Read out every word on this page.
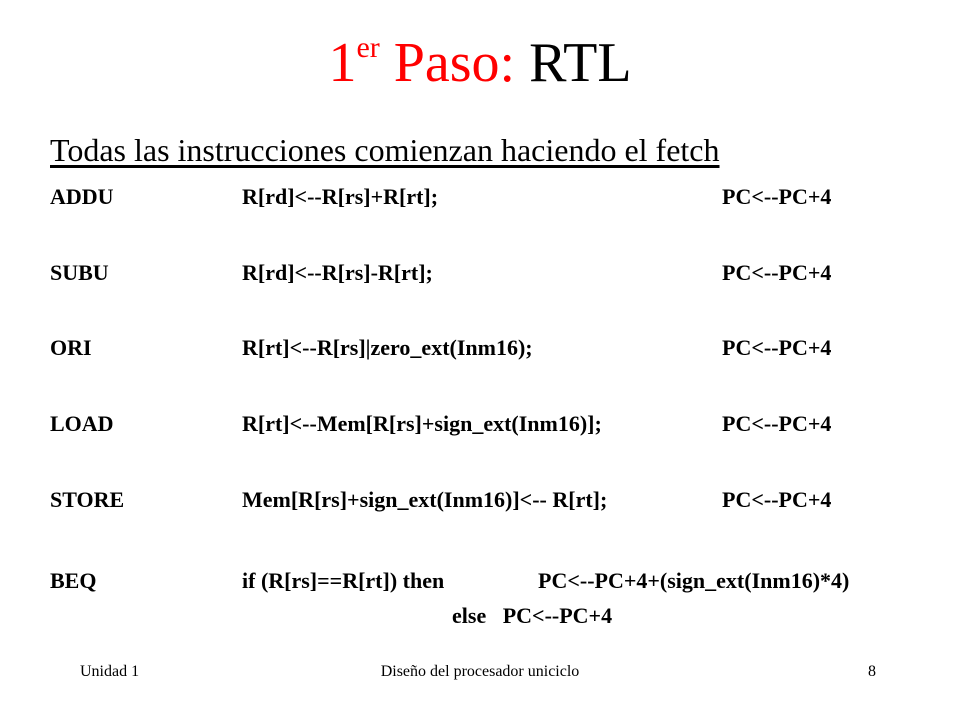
1er Paso: RTL
Todas las instrucciones comienzan haciendo el fetch
ADDU	R[rd]<--R[rs]+R[rt];	PC<--PC+4
SUBU	R[rd]<--R[rs]-R[rt];	PC<--PC+4
ORI	R[rt]<--R[rs]|zero_ext(Inm16);	PC<--PC+4
LOAD	R[rt]<--Mem[R[rs]+sign_ext(Inm16)];	PC<--PC+4
STORE	Mem[R[rs]+sign_ext(Inm16)]<-- R[rt];	PC<--PC+4
BEQ	if (R[rs]==R[rt]) then	PC<--PC+4+(sign_ext(Inm16)*4)
else   PC<--PC+4
Unidad 1	Diseño del procesador uniciclo	8
